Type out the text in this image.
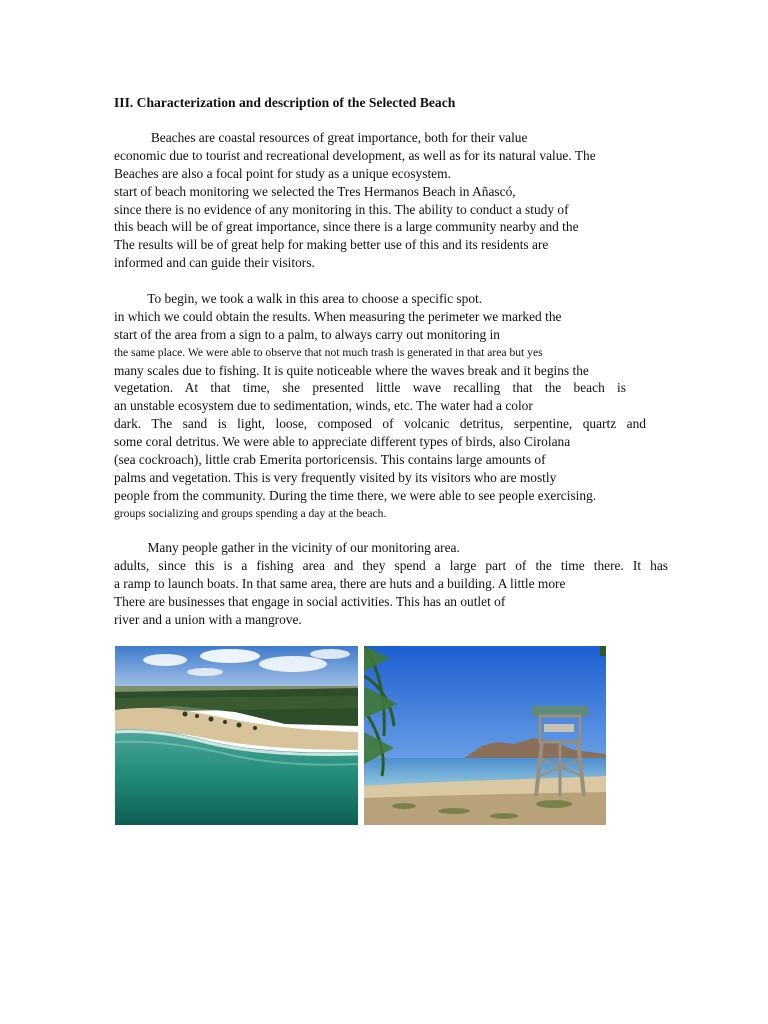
III. Characterization and description of the Selected Beach
Beaches are coastal resources of great importance, both for their value
economic due to tourist and recreational development, as well as for its natural value. The
Beaches are also a focal point for study as a unique ecosystem.
start of beach monitoring we selected the Tres Hermanos Beach in Añascó,
since there is no evidence of any monitoring in this. The ability to conduct a study of
this beach will be of great importance, since there is a large community nearby and the
The results will be of great help for making better use of this and its residents are
informed and can guide their visitors.
To begin, we took a walk in this area to choose a specific spot.
in which we could obtain the results. When measuring the perimeter we marked the
start of the area from a sign to a palm, to always carry out monitoring in
the same place. We were able to observe that not much trash is generated in that area but yes
many scales due to fishing. It is quite noticeable where the waves break and it begins the
vegetation. At that time, she presented little wave recalling that the beach is
an unstable ecosystem due to sedimentation, winds, etc. The water had a color
dark. The sand is light, loose, composed of volcanic detritus, serpentine, quartz and
some coral detritus. We were able to appreciate different types of birds, also Cirolana
(sea cockroach), little crab Emerita portoricensis. This contains large amounts of
palms and vegetation. This is very frequently visited by its visitors who are mostly
people from the community. During the time there, we were able to see people exercising.
groups socializing and groups spending a day at the beach.
Many people gather in the vicinity of our monitoring area.
adults, since this is a fishing area and they spend a large part of the time there. It has
a ramp to launch boats. In that same area, there are huts and a building. A little more
There are businesses that engage in social activities. This has an outlet of
river and a union with a mangrove.
